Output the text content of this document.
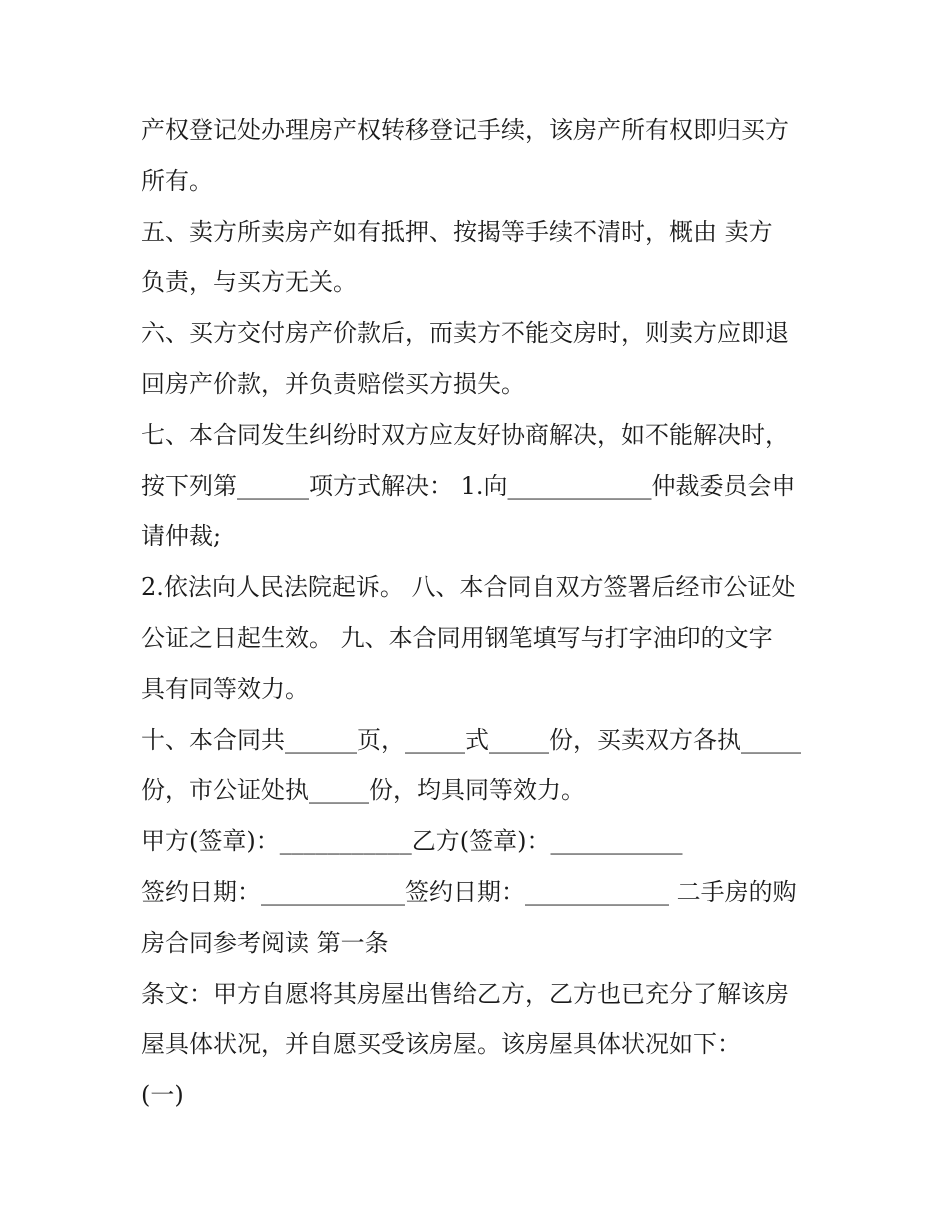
产权登记处办理房产权转移登记手续，该房产所有权即归买方
所有。
五、卖方所卖房产如有抵押、按揭等手续不清时，概由 卖方
负责，与买方无关。
六、买方交付房产价款后，而卖方不能交房时，则卖方应即退
回房产价款，并负责赔偿买方损失。
七、本合同发生纠纷时双方应友好协商解决，如不能解决时，
按下列第______项方式解决： 1.向____________仲裁委员会申
请仲裁;
2.依法向人民法院起诉。 八、本合同自双方签署后经市公证处
公证之日起生效。 九、本合同用钢笔填写与打字油印的文字
具有同等效力。
十、本合同共______页，_____式_____份，买卖双方各执_____
份，市公证处执_____份，均具同等效力。
甲方(签章)：___________乙方(签章)：___________
签约日期：____________签约日期：____________ 二手房的购
房合同参考阅读 第一条
条文：甲方自愿将其房屋出售给乙方，乙方也已充分了解该房
屋具体状况，并自愿买受该房屋。该房屋具体状况如下：
(一)
